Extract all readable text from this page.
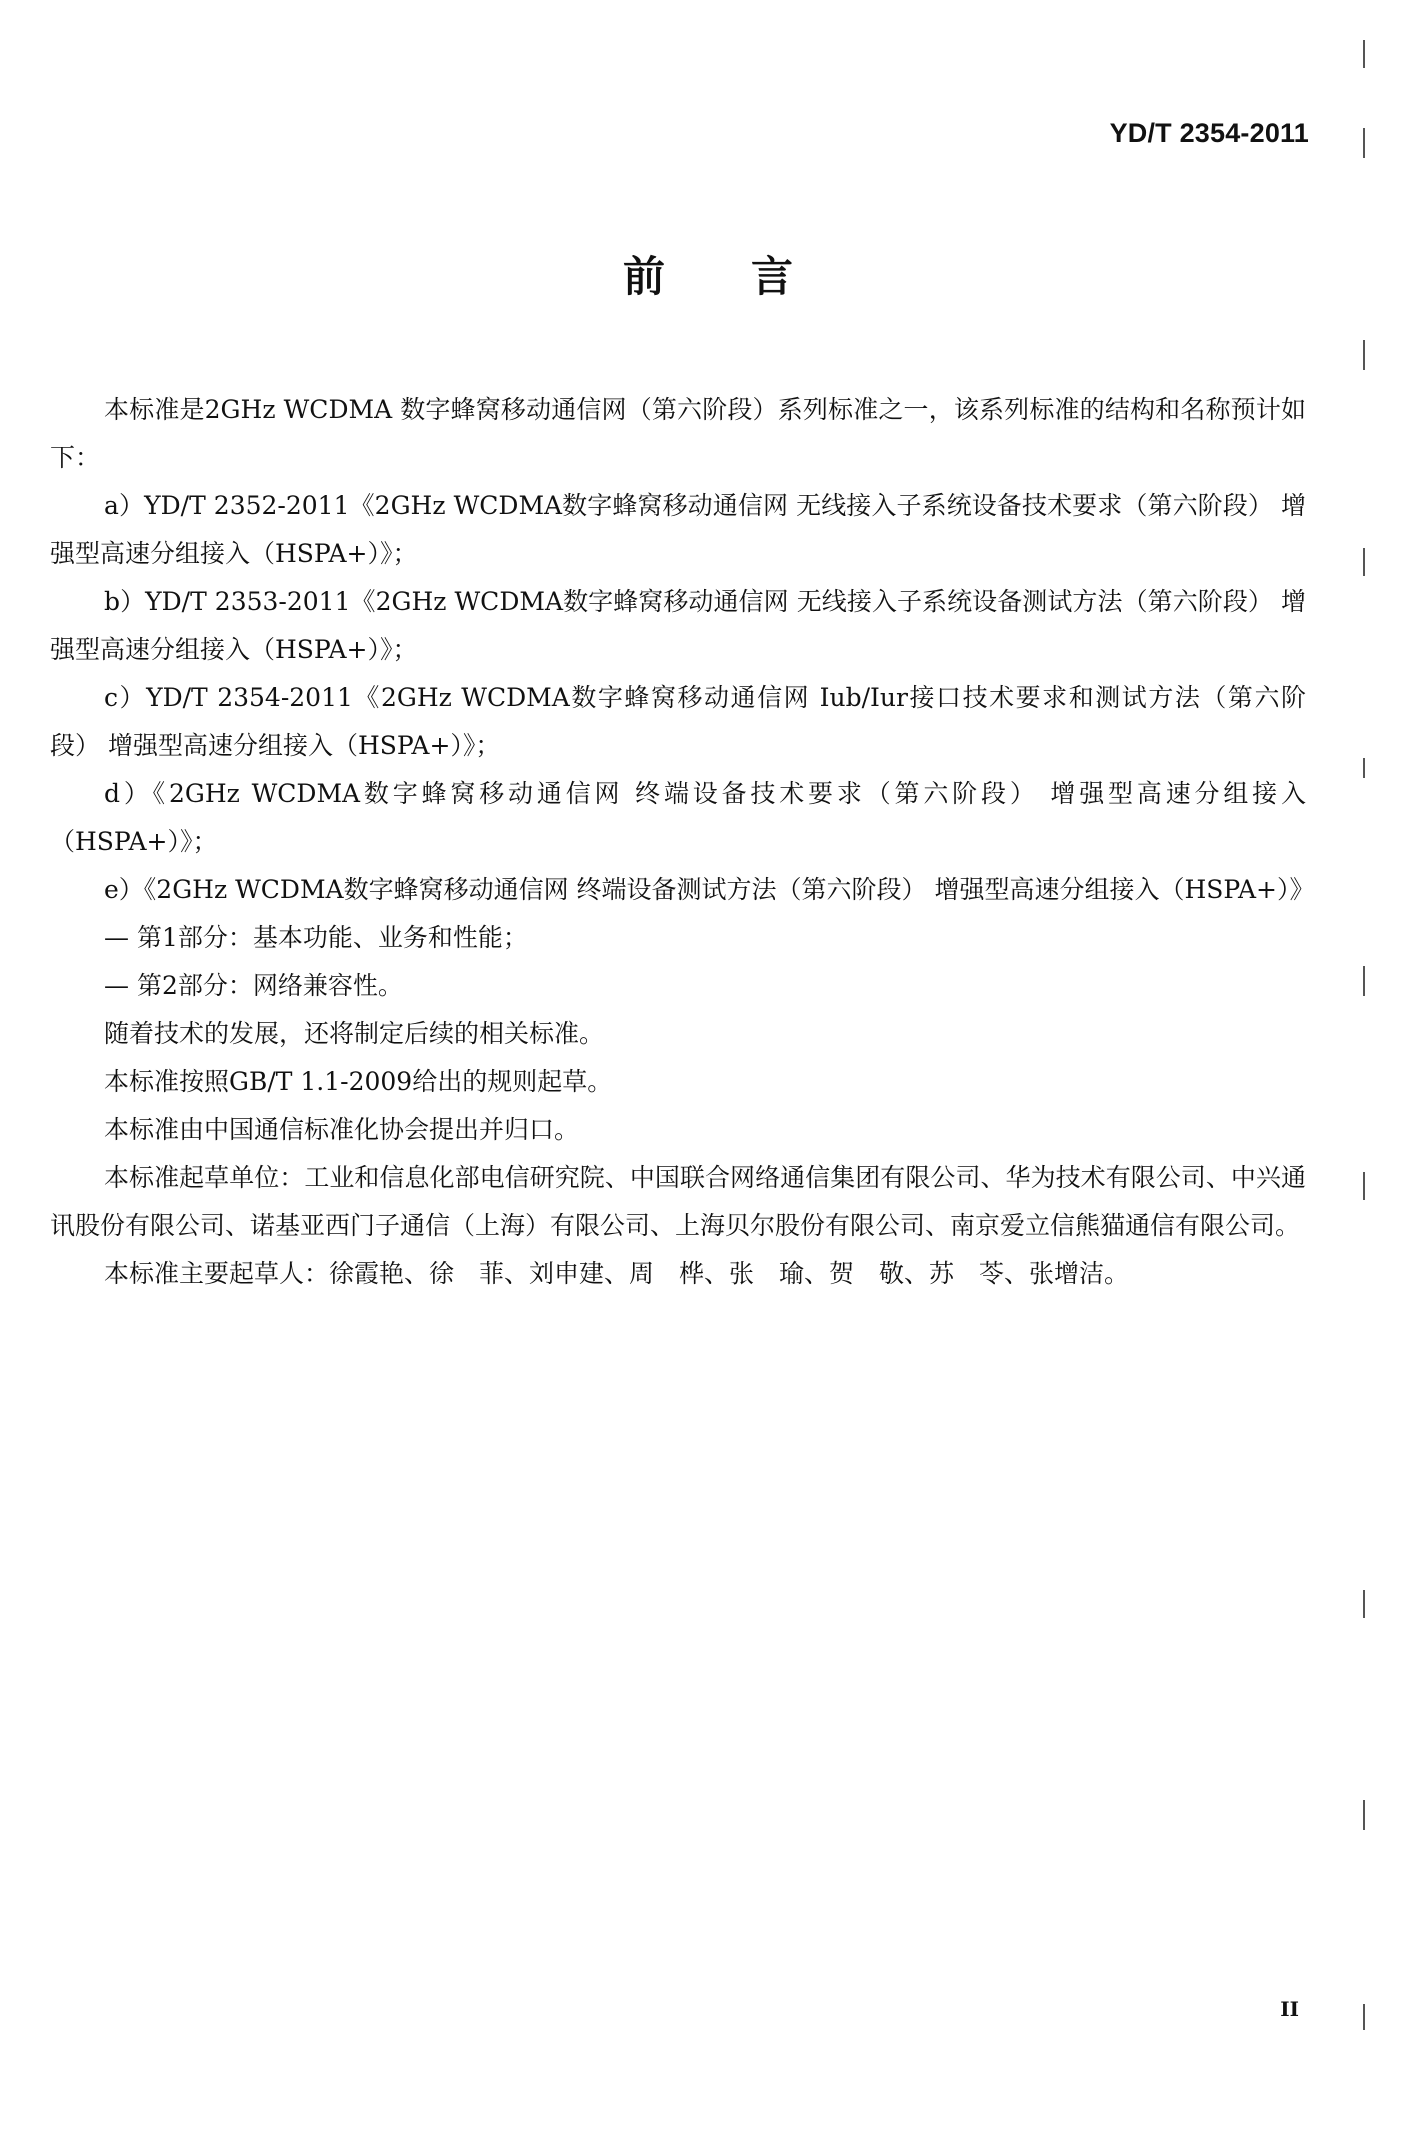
YD/T 2354-2011
前言

本标准是2GHz WCDMA 数字蜂窝移动通信网（第六阶段）系列标准之一，该系列标准的结构和名称预计如下：

a）YD/T 2352-2011《2GHz WCDMA数字蜂窝移动通信网 无线接入子系统设备技术要求（第六阶段） 增强型高速分组接入（HSPA+）》；

b）YD/T 2353-2011《2GHz WCDMA数字蜂窝移动通信网 无线接入子系统设备测试方法（第六阶段） 增强型高速分组接入（HSPA+）》；

c）YD/T 2354-2011《2GHz WCDMA数字蜂窝移动通信网 Iub/Iur接口技术要求和测试方法（第六阶段） 增强型高速分组接入（HSPA+）》；

d）《2GHz WCDMA数字蜂窝移动通信网 终端设备技术要求（第六阶段） 增强型高速分组接入（HSPA+）》；

e）《2GHz WCDMA数字蜂窝移动通信网 终端设备测试方法（第六阶段） 增强型高速分组接入（HSPA+）》

— 第1部分：基本功能、业务和性能；

— 第2部分：网络兼容性。

随着技术的发展，还将制定后续的相关标准。

本标准按照GB/T 1.1-2009给出的规则起草。

本标准由中国通信标准化协会提出并归口。

本标准起草单位：工业和信息化部电信研究院、中国联合网络通信集团有限公司、华为技术有限公司、中兴通讯股份有限公司、诺基亚西门子通信（上海）有限公司、上海贝尔股份有限公司、南京爱立信熊猫通信有限公司。

本标准主要起草人：徐霞艳、徐　菲、刘申建、周　桦、张　瑜、贺　敬、苏　苓、张增洁。

II
